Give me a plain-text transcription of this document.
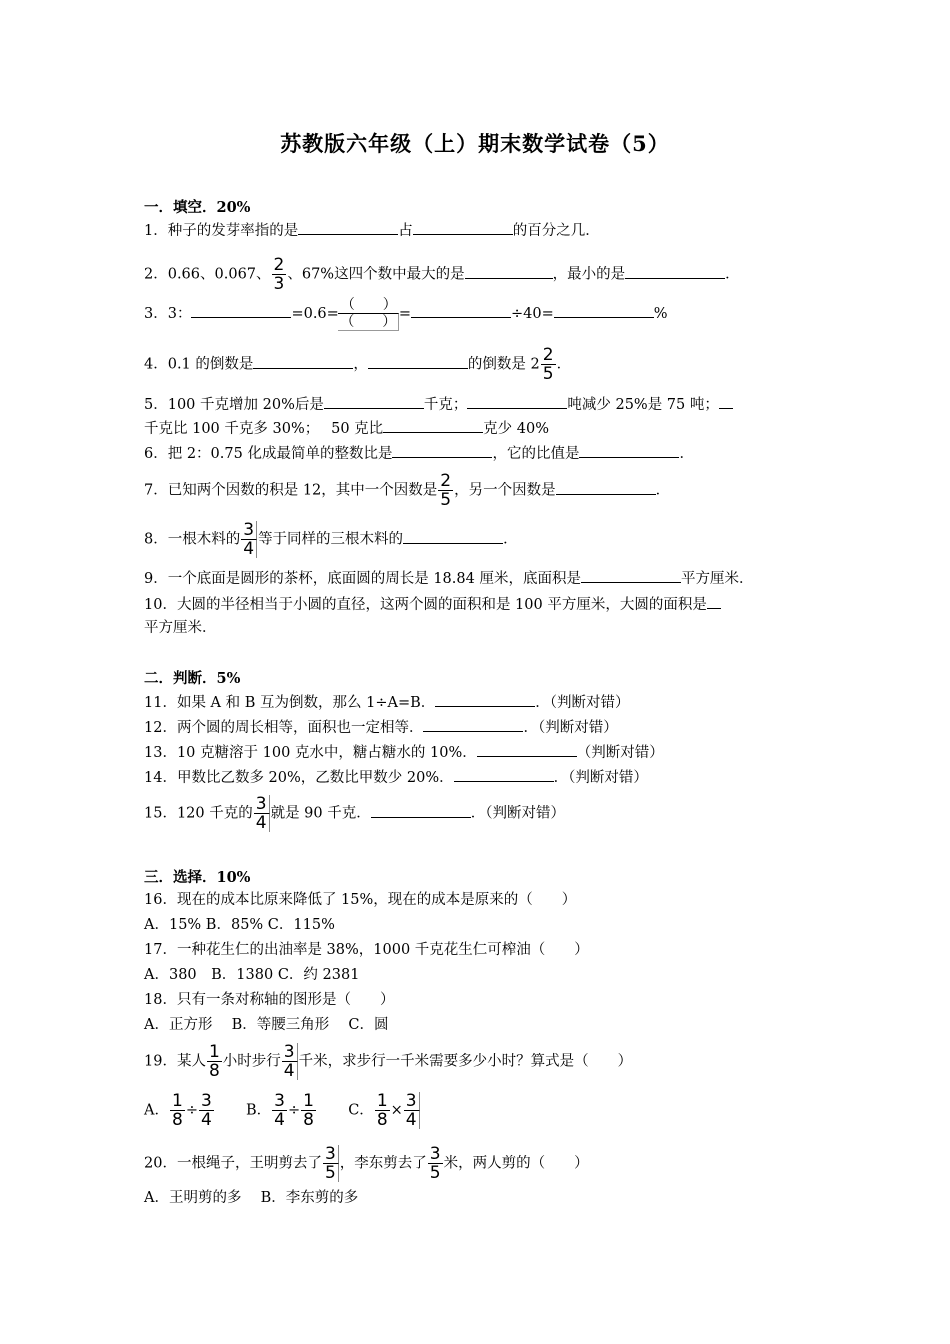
苏教版六年级（上）期末数学试卷（5）
一．填空．20%
1．种子的发芽率指的是	占	的百分之几．
2．0.66、0.067、 $\frac{2}{3}$ 、67%这四个数中最大的是	，最小的是	．
3．3：	=0.6=
（　　）
（　　） =	÷40=	%
4．0.1 的倒数是	，	的倒数是 $2 \frac{2}{5}$ ．
5．100 千克增加 20%后是	千克；	吨减少 25%是 75 吨；
千克比 100 千克多 30%；　 50 克比	克少 40%
6．把 2：0.75 化成最简单的整数比是	，它的比值是	．
7．已知两个因数的积是 12，其中一个因数是 $\frac{2}{5}$ ，另一个因数是	．
8．一根木料的 $\frac{3}{4}$ 等于同样的三根木料的	．
9．一个底面是圆形的茶杯，底面圆的周长是 18.84 厘米，底面积是	平方厘米．
10．大圆的半径相当于小圆的直径，这两个圆的面积和是 100 平方厘米，大圆的面积是
平方厘米．
二．判断．5%
11．如果 A 和 B 互为倒数，那么 1÷A=B．	．（判断对错）
12．两个圆的周长相等，面积也一定相等．	．（判断对错）
13．10 克糖溶于 100 克水中，糖占糖水的 10%．	（判断对错）
14．甲数比乙数多 20%，乙数比甲数少 20%．	．（判断对错）
15．120 千克的 $\frac{3}{4}$ 就是 90 千克．	．（判断对错）
三．选择．10%
16．现在的成本比原来降低了 15%，现在的成本是原来的（　　）
A．15% B．85% C．115%
17．一种花生仁的出油率是 38%，1000 千克花生仁可榨油（　　）
A．380　B．1380 C．约 2381
18．只有一条对称轴的图形是（　　）
A．正方形　 B．等腰三角形　 C．圆
19．某人 $\frac{1}{8}$ 小时步行 $\frac{3}{4}$ 千米，求步行一千米需要多少小时？算式是（　　）
A． $\frac{1}{8} \div \frac{3}{4}$ B． $\frac{3}{4} \div \frac{1}{8}$ C． $\frac{1}{8} \times \frac{3}{4}$
20．一根绳子，王明剪去了 $\frac{3}{5}$ ，李东剪去了 $\frac{3}{5}$ 米，两人剪的（　　）
A．王明剪的多　 B．李东剪的多
